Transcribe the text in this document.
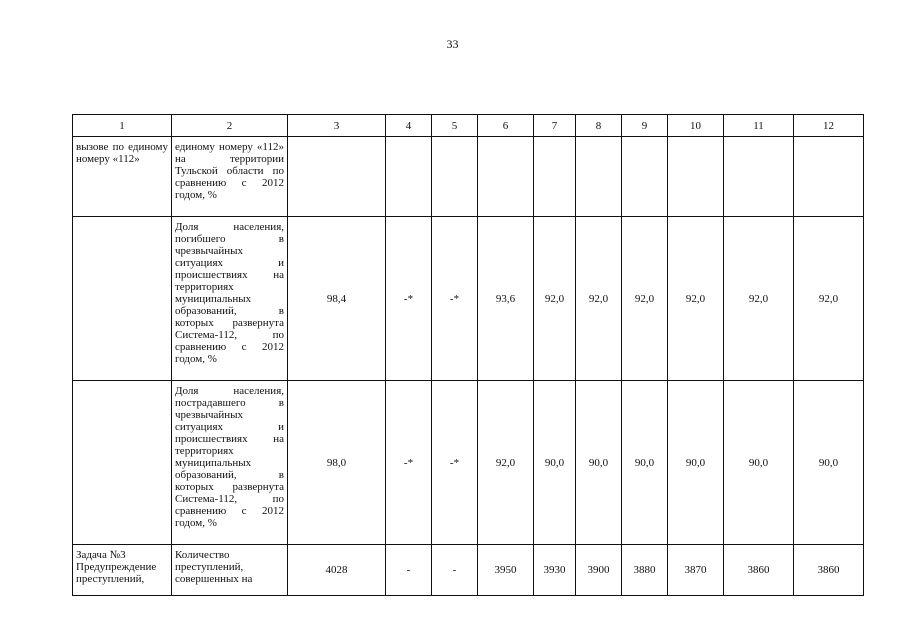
33
1	2	3	4	5	6	7	8	9	10	11	12
вызове по единому номеру «112»	единому номеру «112» на территории Тульской области по сравнению с 2012 годом, %										
	Доля населения, погибшего в чрезвычайных ситуациях и происшествиях на территориях муниципальных образований, в которых развернута Система-112, по сравнению с 2012 годом, %	98,4	-*	-*	93,6	92,0	92,0	92,0	92,0	92,0	92,0
	Доля населения, пострадавшего в чрезвычайных ситуациях и происшествиях на территориях муниципальных образований, в которых развернута Система-112, по сравнению с 2012 годом, %	98,0	-*	-*	92,0	90,0	90,0	90,0	90,0	90,0	90,0
Задача №3 Предупреждение преступлений,	Количество преступлений, совершенных на	4028	-	-	3950	3930	3900	3880	3870	3860	3860
